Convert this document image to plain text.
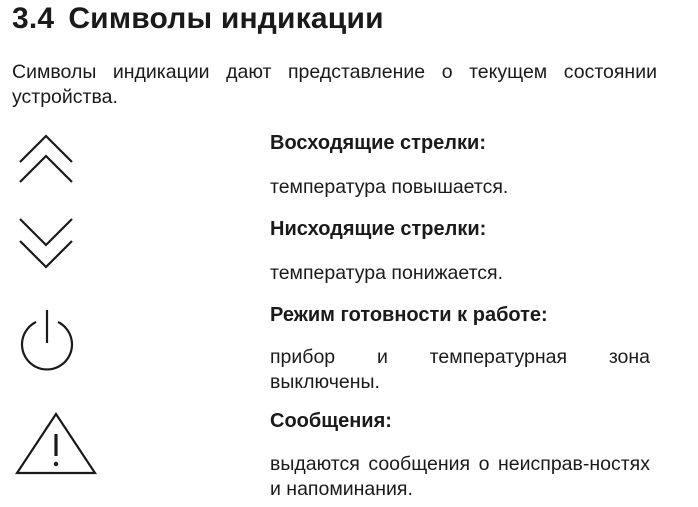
3.4 Символы индикации
Символы индикации дают представление о текущем состоянии устройства.
Восходящие стрелки:
температура повышается.
Нисходящие стрелки:
температура понижается.
Режим готовности к работе:
прибор и температурная зона выключены.
Сообщения:
выдаются сообщения о неисправ-ностях и напоминания.
